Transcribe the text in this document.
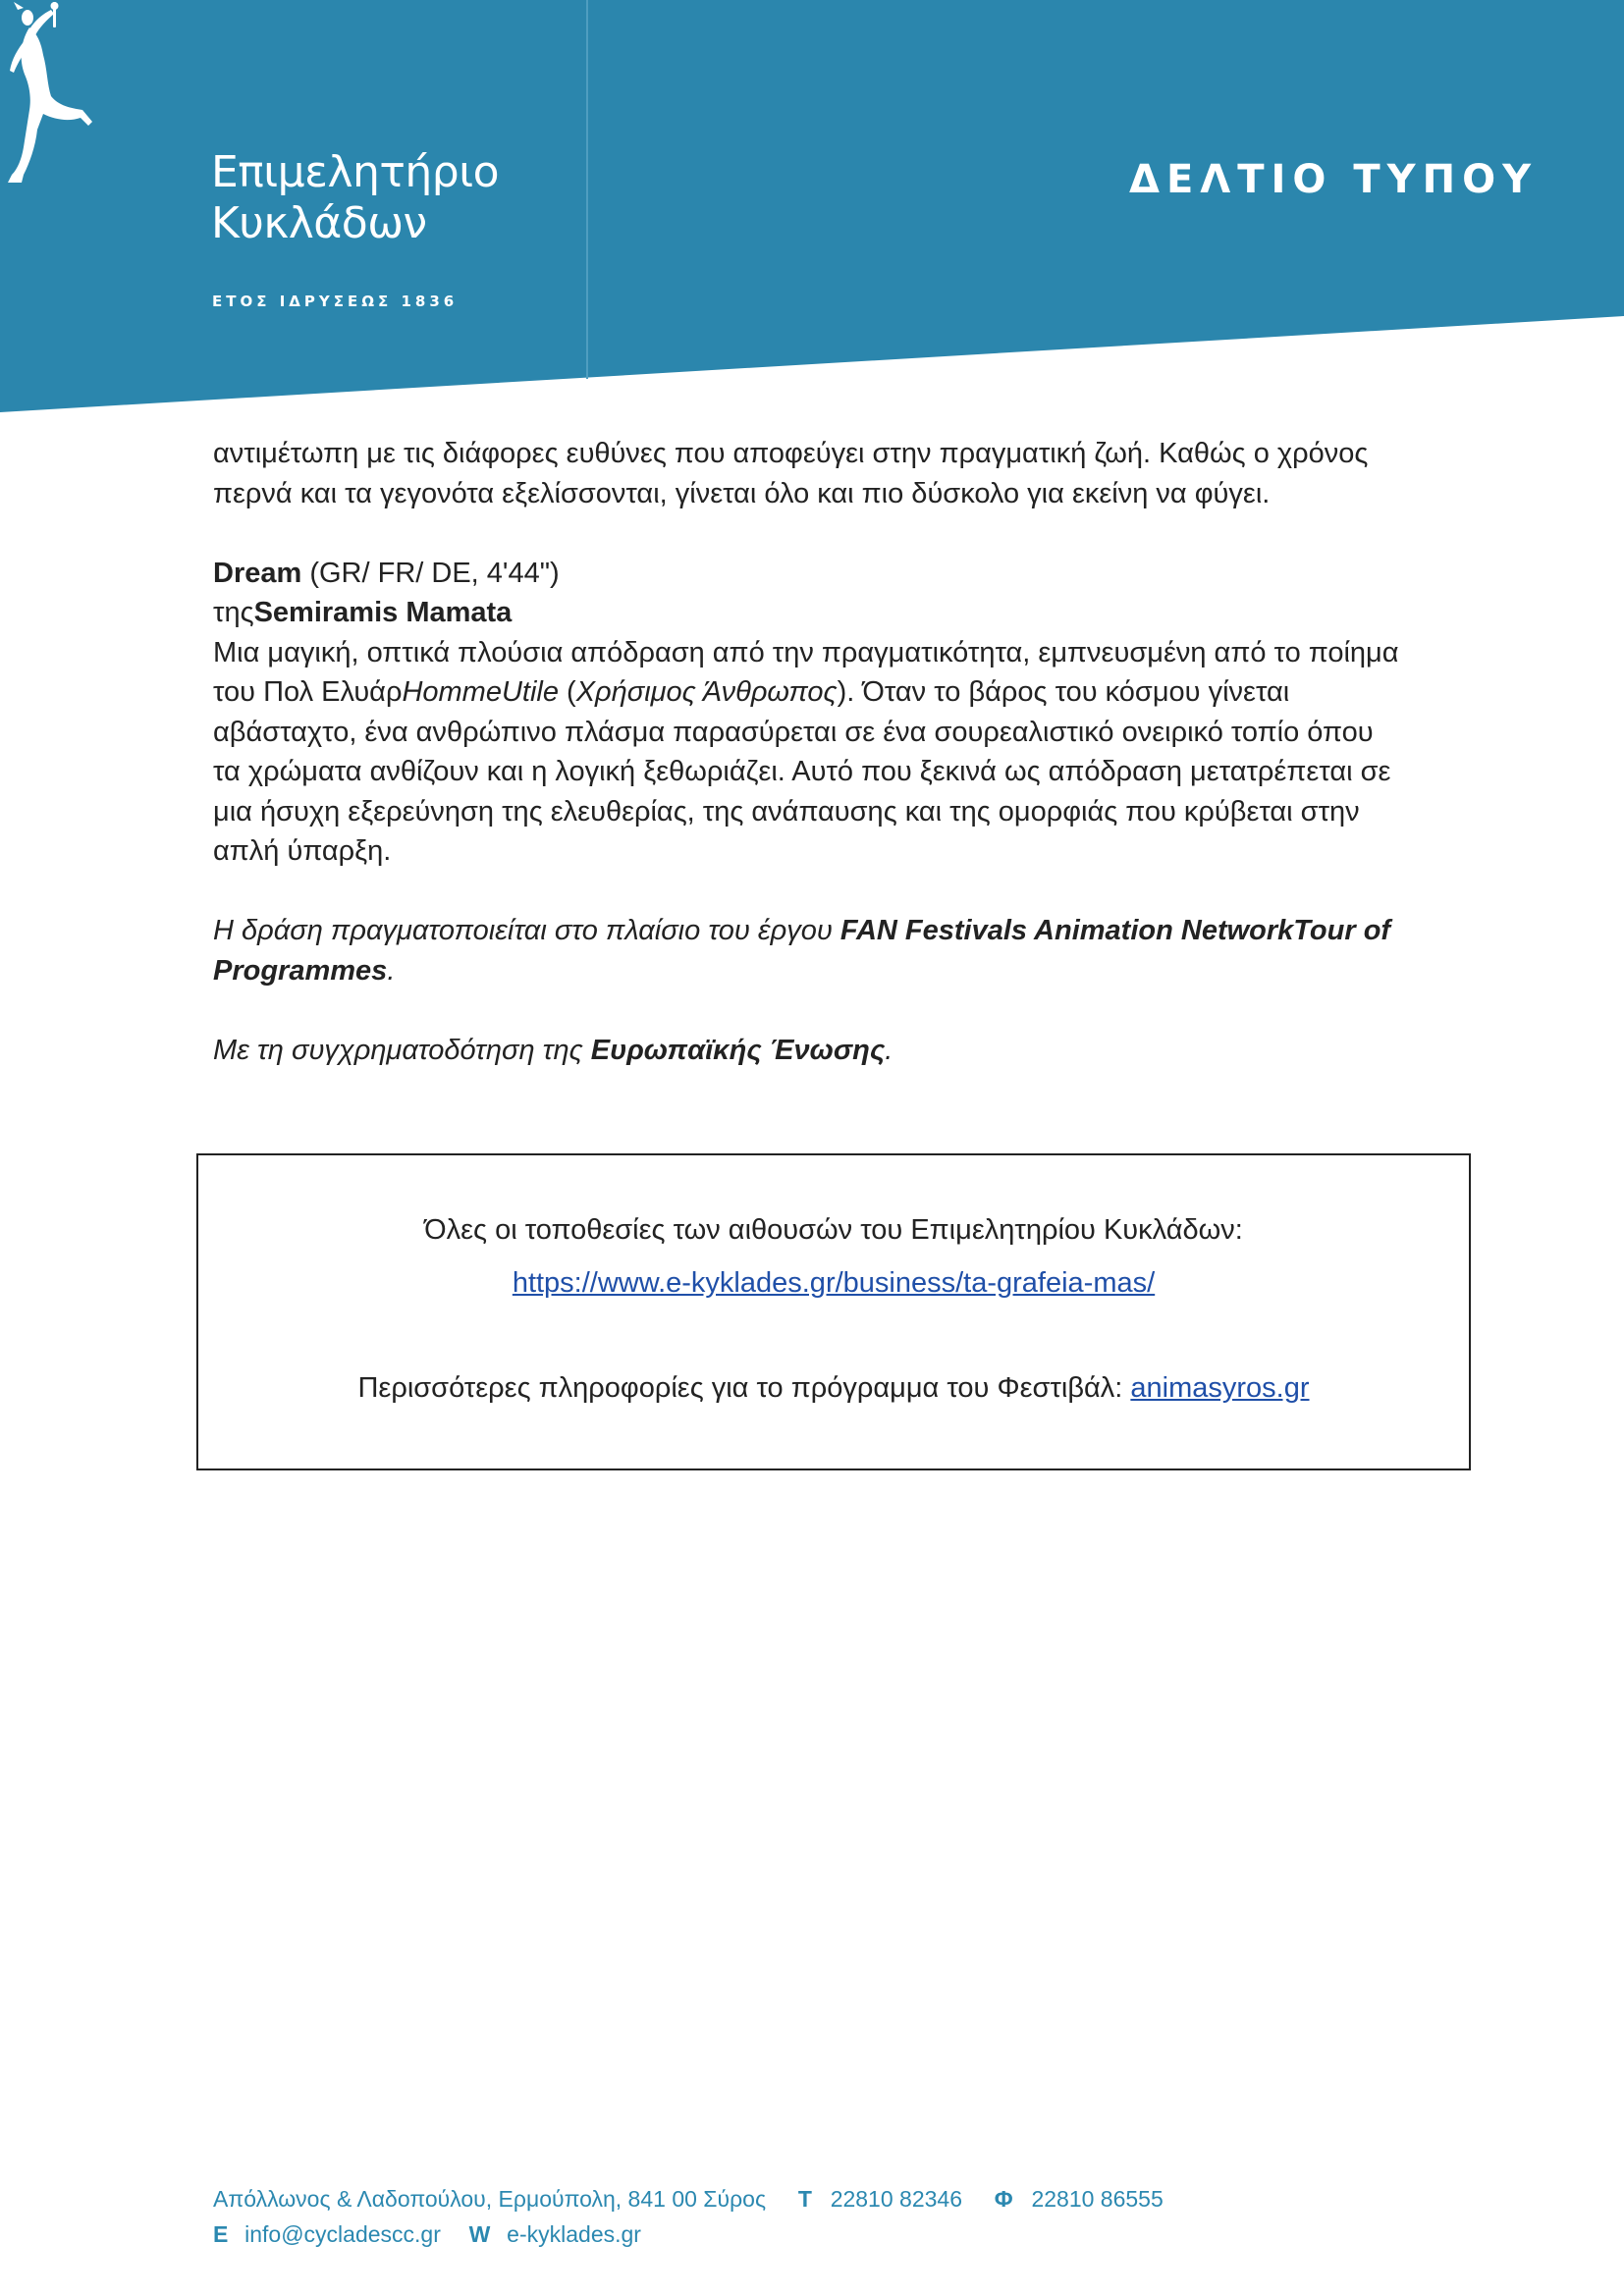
Επιμελητήριο
Κυκλάδων
ΕΤΟΣ ΙΔΡΥΣΕΩΣ 1836
ΔΕΛΤΙΟ ΤΥΠΟΥ

αντιμέτωπη με τις διάφορες ευθύνες που αποφεύγει στην πραγματική ζωή. Καθώς ο χρόνος

περνά και τα γεγονότα εξελίσσονται, γίνεται όλο και πιο δύσκολο για εκείνη να φύγει.

Dream (GR/ FR/ DE, 4'44")

τηςSemiramis Mamata

Μια μαγική, οπτικά πλούσια απόδραση από την πραγματικότητα, εμπνευσμένη από το ποίημα

του Πολ ΕλυάρHommeUtile (Χρήσιμος Άνθρωπος). Όταν το βάρος του κόσμου γίνεται

αβάσταχτο, ένα ανθρώπινο πλάσμα παρασύρεται σε ένα σουρεαλιστικό ονειρικό τοπίο όπου

τα χρώματα ανθίζουν και η λογική ξεθωριάζει. Αυτό που ξεκινά ως απόδραση μετατρέπεται σε

μια ήσυχη εξερεύνηση της ελευθερίας, της ανάπαυσης και της ομορφιάς που κρύβεται στην

απλή ύπαρξη.

Η δράση πραγματοποιείται στο πλαίσιο του έργου FAN Festivals Animation NetworkTour of

Programmes.

Με τη συγχρηματοδότηση της Ευρωπαϊκής Ένωσης.

Όλες οι τοποθεσίες των αιθουσών του Επιμελητηρίου Κυκλάδων:
https://www.e-kyklades.gr/business/ta-grafeia-mas/
Περισσότερες πληροφορίες για το πρόγραμμα του Φεστιβάλ: animasyros.gr
Απόλλωνος & Λαδοπούλου, Ερμούπολη, 841 00 Σύρος Τ 22810 82346 Φ 22810 86555
E info@cycladescc.gr W e-kyklades.gr
